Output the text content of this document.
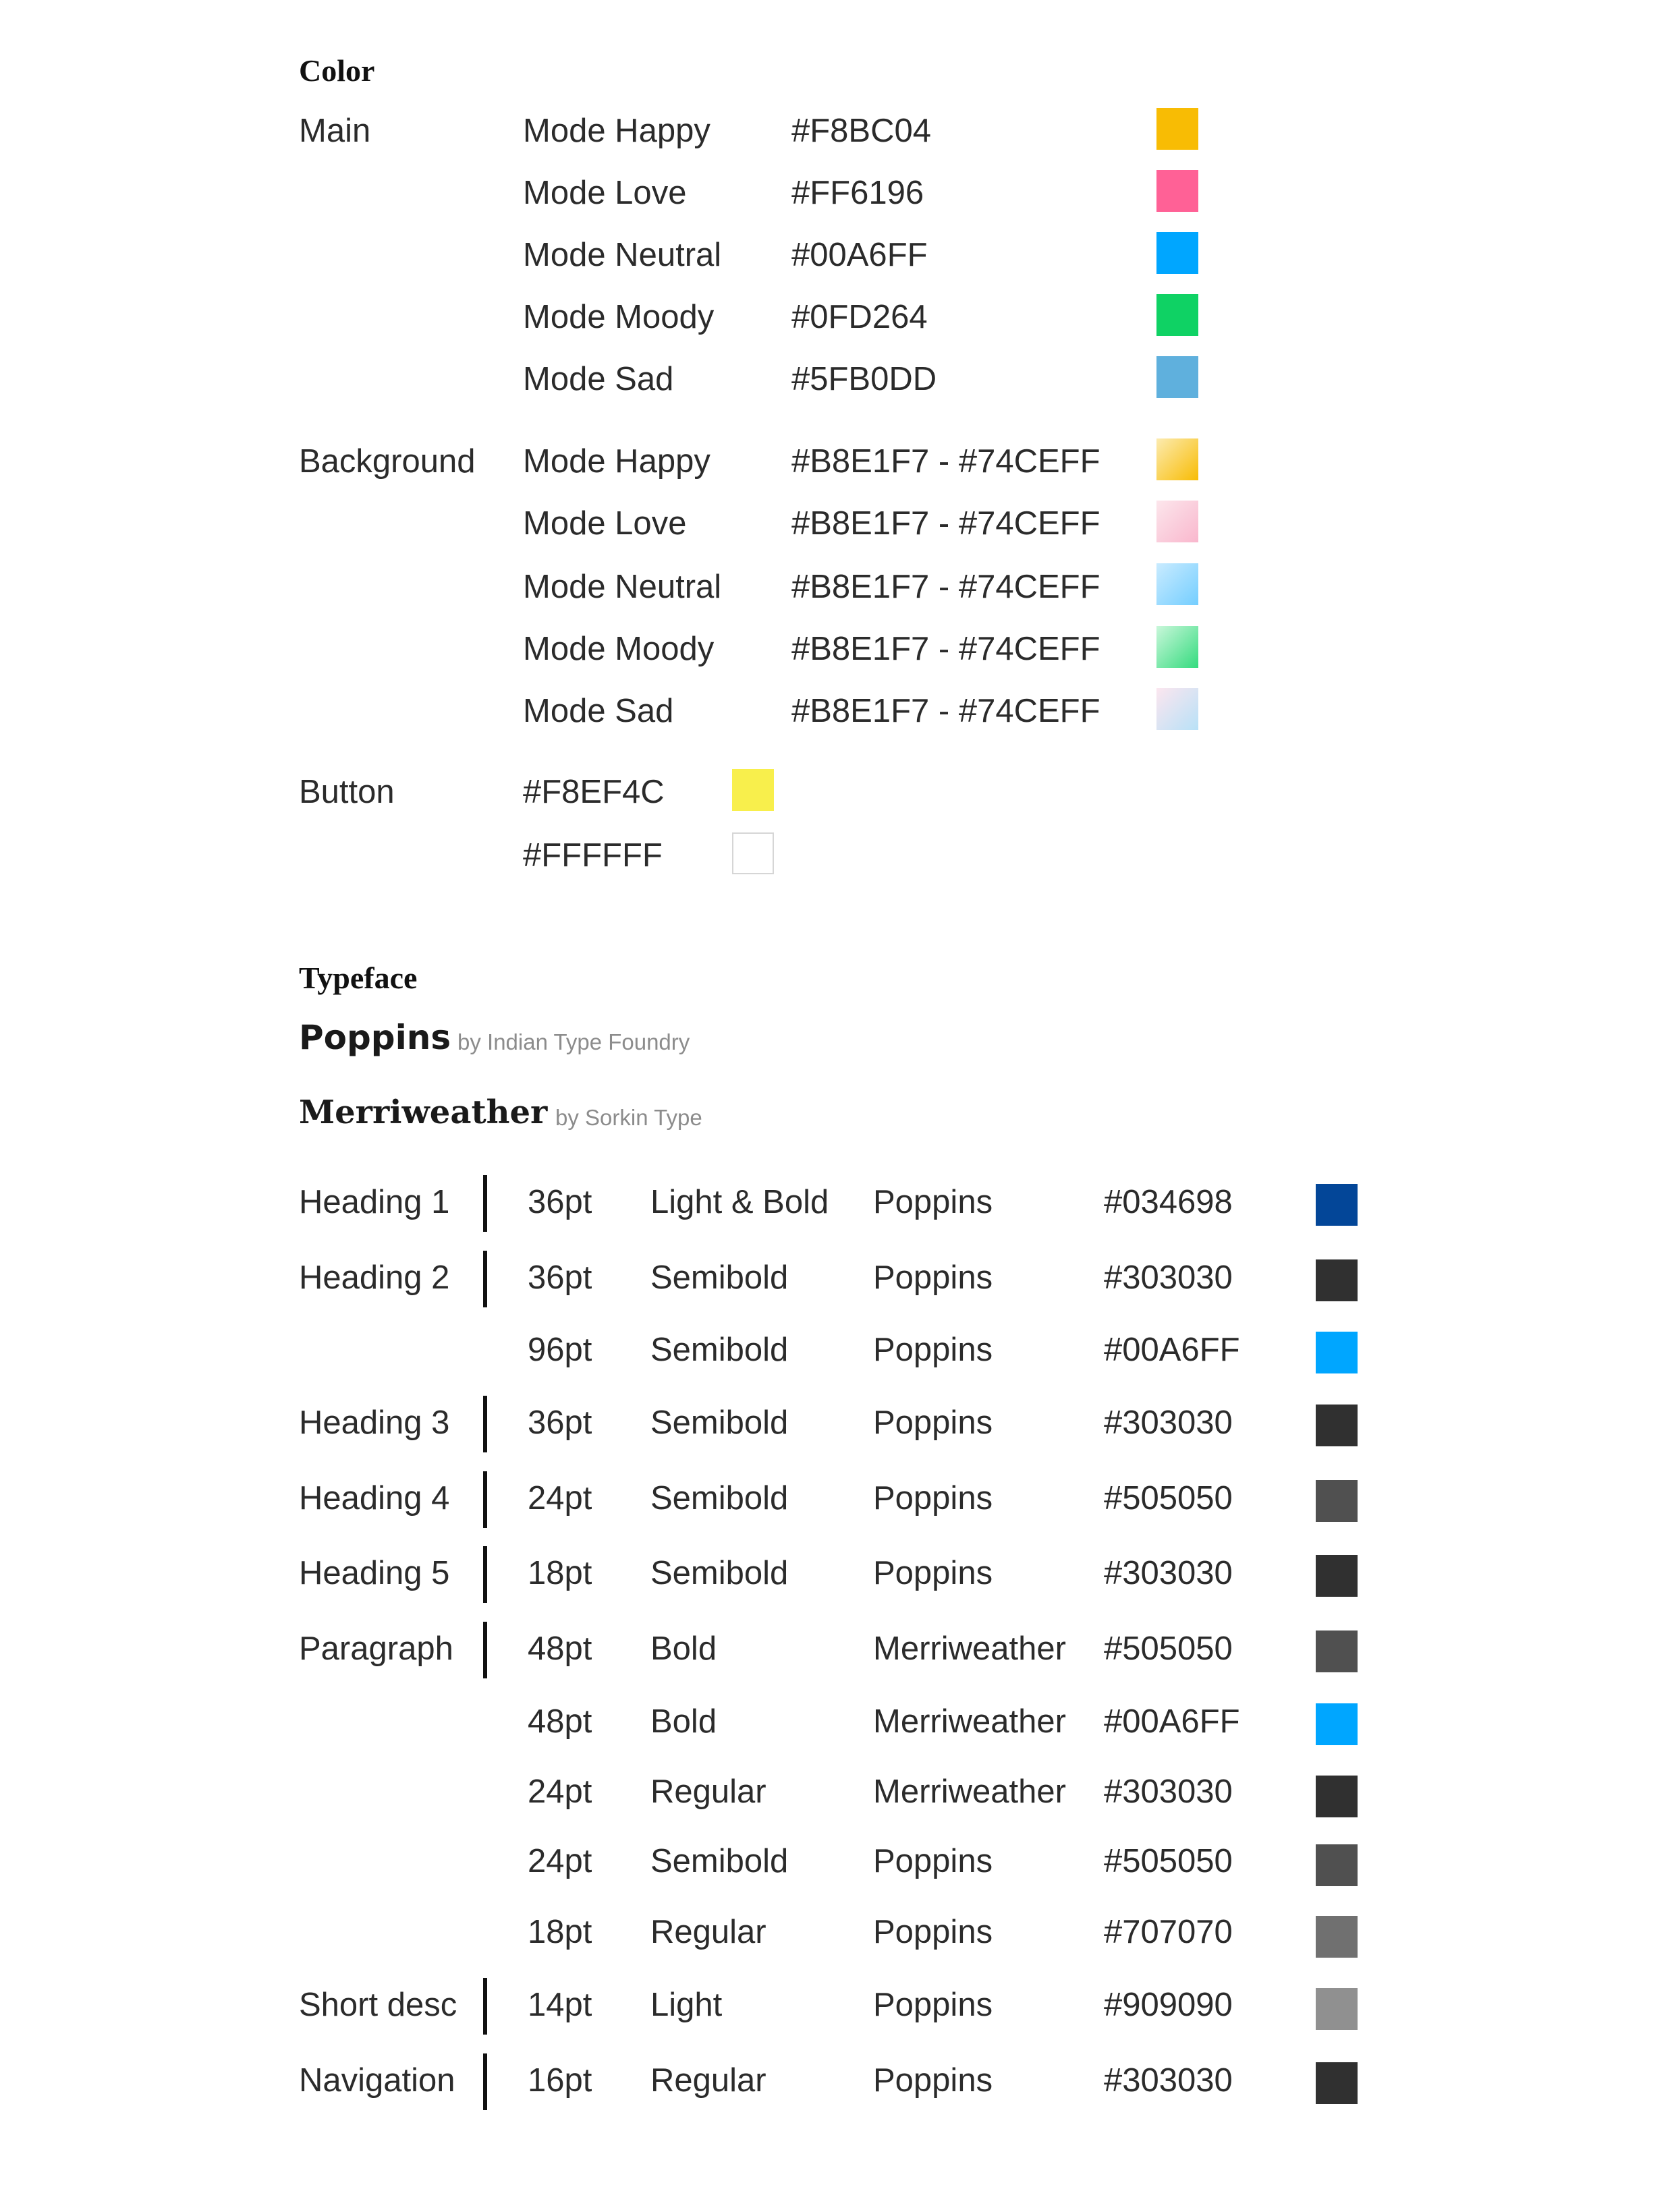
Color
Main	Mode Happy #F8BC04
Mode Love	#FF6196
Mode Neutral #00A6FF
Mode Moody #0FD264
Mode Sad	#5FB0DD
Background Mode Happy #B8E1F7 - #74CEFF
Mode Love	#B8E1F7 - #74CEFF
Mode Neutral #B8E1F7 - #74CEFF
Mode Moody #B8E1F7 - #74CEFF
Mode Sad	#B8E1F7 - #74CEFF
Button	#F8EF4C
#FFFFFF
Typeface
Poppins by Indian Type Foundry
Merriweather by Sorkin Type
Heading 1 36pt Light & Bold Poppins	#034698
Heading 2 36pt Semibold	Poppins	#303030
96pt Semibold	Poppins	#00A6FF
Heading 3 36pt Semibold	Poppins	#303030
Heading 4 24pt Semibold	Poppins	#505050
Heading 5 18pt Semibold	Poppins	#303030
Paragraph 48pt Bold	Merriweather #505050
48pt Bold	Merriweather #00A6FF
24pt Regular	Merriweather #303030
24pt Semibold	Poppins	#505050
18pt Regular	Poppins	#707070
Short desc 14pt Light	Poppins	#909090
Navigation 16pt Regular	Poppins	#303030
